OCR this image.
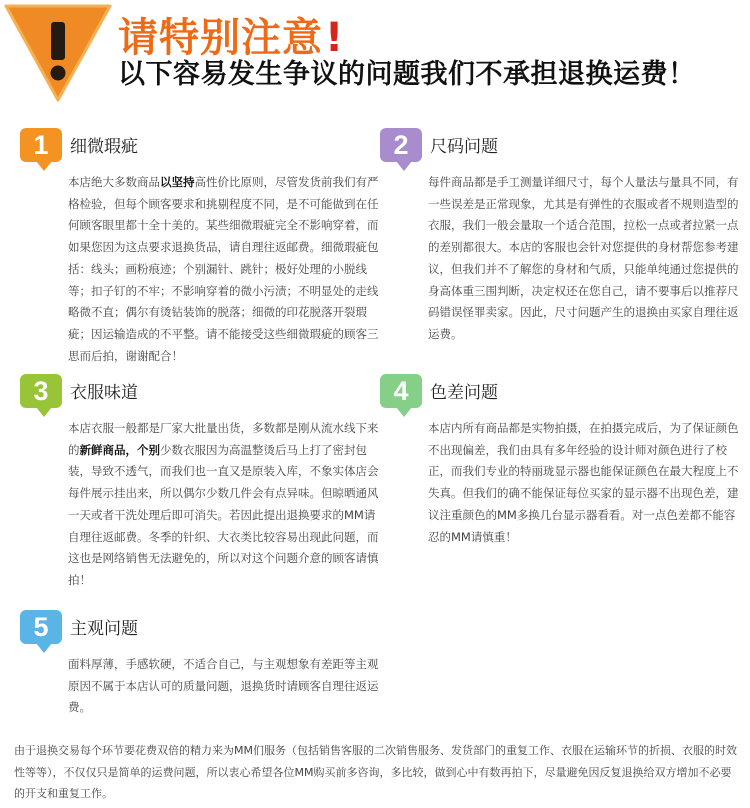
请特别注意!
以下容易发生争议的问题我们不承担退换运费！
1	细微瑕疵
本店绝大多数商品以坚持高性价比原则，尽管发货前我们有严格检验，但每个顾客要求和挑剔程度不同，是不可能做到在任何顾客眼里都十全十美的。某些细微瑕疵完全不影响穿着，而如果您因为这点要求退换货品，请自理往返邮费。细微瑕疵包括：线头；画粉痕迹；个别漏针、跳针；极好处理的小脱线等；扣子钉的不牢；不影响穿着的微小污渍；不明显处的走线略微不直；偶尔有烫钻装饰的脱落；细微的印花脱落开裂瑕疵；因运输造成的不平整。请不能接受这些细微瑕疵的顾客三思而后拍，谢谢配合！
2	尺码问题
每件商品都是手工测量详细尺寸，每个人量法与量具不同，有一些误差是正常现象，尤其是有弹性的衣服或者不规则造型的衣服，我们一般会量取一个适合范围，拉松一点或者拉紧一点的差别都很大。本店的客服也会针对您提供的身材帮您参考建议，但我们并不了解您的身材和气质，只能单纯通过您提供的身高体重三围判断，决定权还在您自己，请不要事后以推荐尺码错误怪罪卖家。因此，尺寸问题产生的退换由买家自理往返运费。
3	衣服味道
本店衣服一般都是厂家大批量出货，多数都是刚从流水线下来的新鲜商品，个别少数衣服因为高温整烫后马上打了密封包装，导致不透气，而我们也一直又是原装入库，不象实体店会每件展示挂出来，所以偶尔少数几件会有点异味。但晾晒通风一天或者干洗处理后即可消失。若因此提出退换要求的MM请自理往返邮费。冬季的针织、大衣类比较容易出现此问题，而这也是网络销售无法避免的，所以对这个问题介意的顾客请慎拍！
4	色差问题
本店内所有商品都是实物拍摄，在拍摄完成后，为了保证颜色不出现偏差，我们由具有多年经验的设计师对颜色进行了校正，而我们专业的特丽珑显示器也能保证颜色在最大程度上不失真。但我们的确不能保证每位买家的显示器不出现色差，建议注重颜色的MM多换几台显示器看看。对一点色差都不能容忍的MM请慎重！
5	主观问题
面料厚薄，手感软硬，不适合自己，与主观想象有差距等主观原因不属于本店认可的质量问题，退换货时请顾客自理往返运费。
由于退换交易每个环节要花费双倍的精力来为MM们服务（包括销售客服的二次销售服务、发货部门的重复工作、衣服在运输环节的折损、衣服的时效性等等），不仅仅只是简单的运费问题，所以衷心希望各位MM购买前多咨询，多比较，做到心中有数再拍下，尽量避免因反复退换给双方增加不必要的开支和重复工作。
